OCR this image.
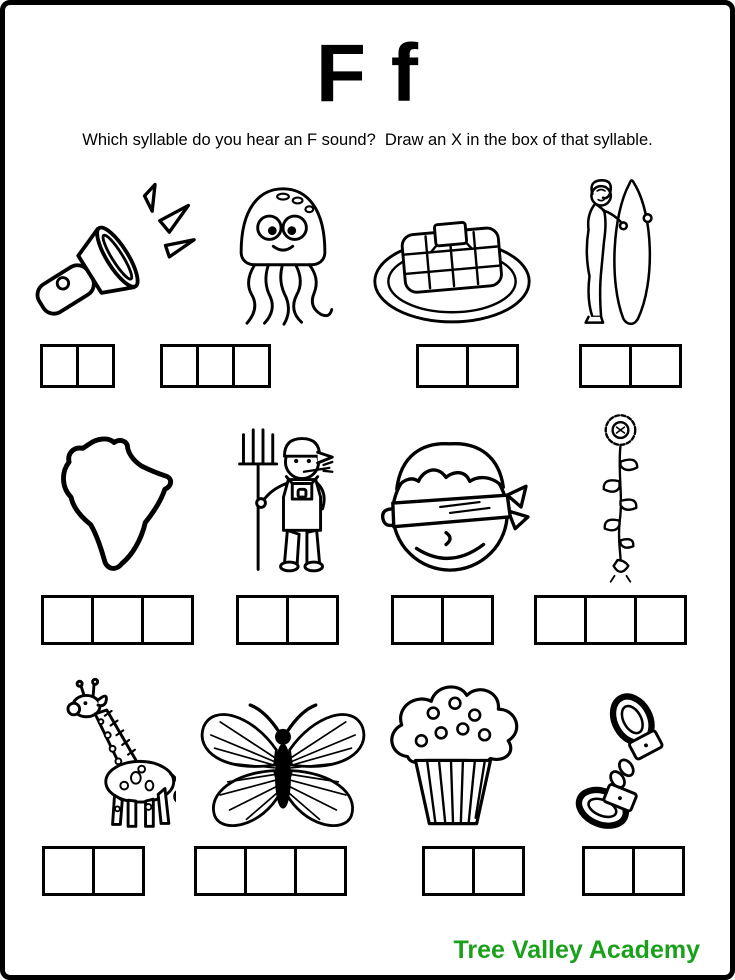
F f
Which syllable do you hear an F sound?  Draw an X in the box of that syllable.
Tree Valley Academy
